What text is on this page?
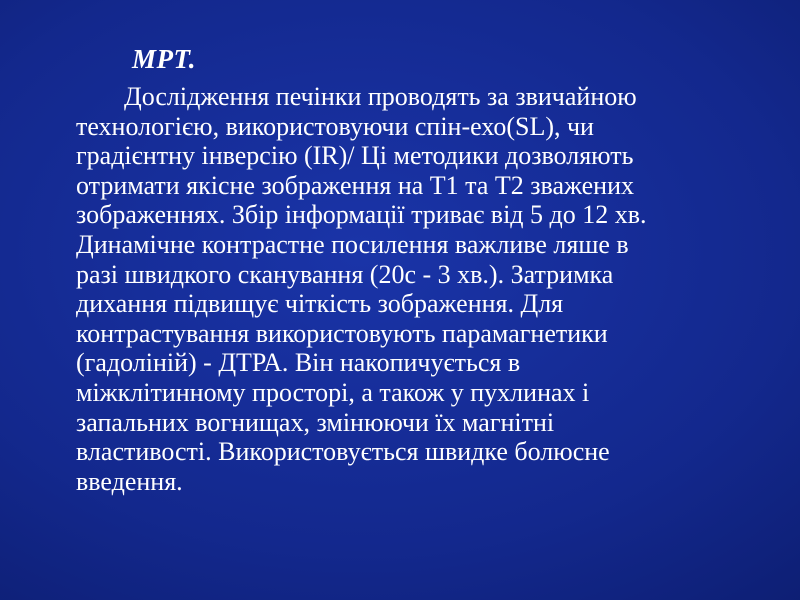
МРТ.
Дослідження печінки проводять за звичайною
технологією, використовуючи спін-ехо(SL), чи
градієнтну інверсію (IR)/ Ці методики дозволяють
отримати якісне зображення на Т1 та Т2 зважених
зображеннях. Збір інформації триває від 5 до 12 хв.
Динамічне контрастне посилення важливе ляше в
разі швидкого сканування (20с - 3 хв.). Затримка
дихання підвищує чіткість зображення. Для
контрастування використовують парамагнетики
(гадоліній) - ДТРА. Він накопичується в
міжклітинному просторі, а також у пухлинах і
запальних вогнищах, змінюючи їх магнітні
властивості. Використовується швидке болюсне
введення.
